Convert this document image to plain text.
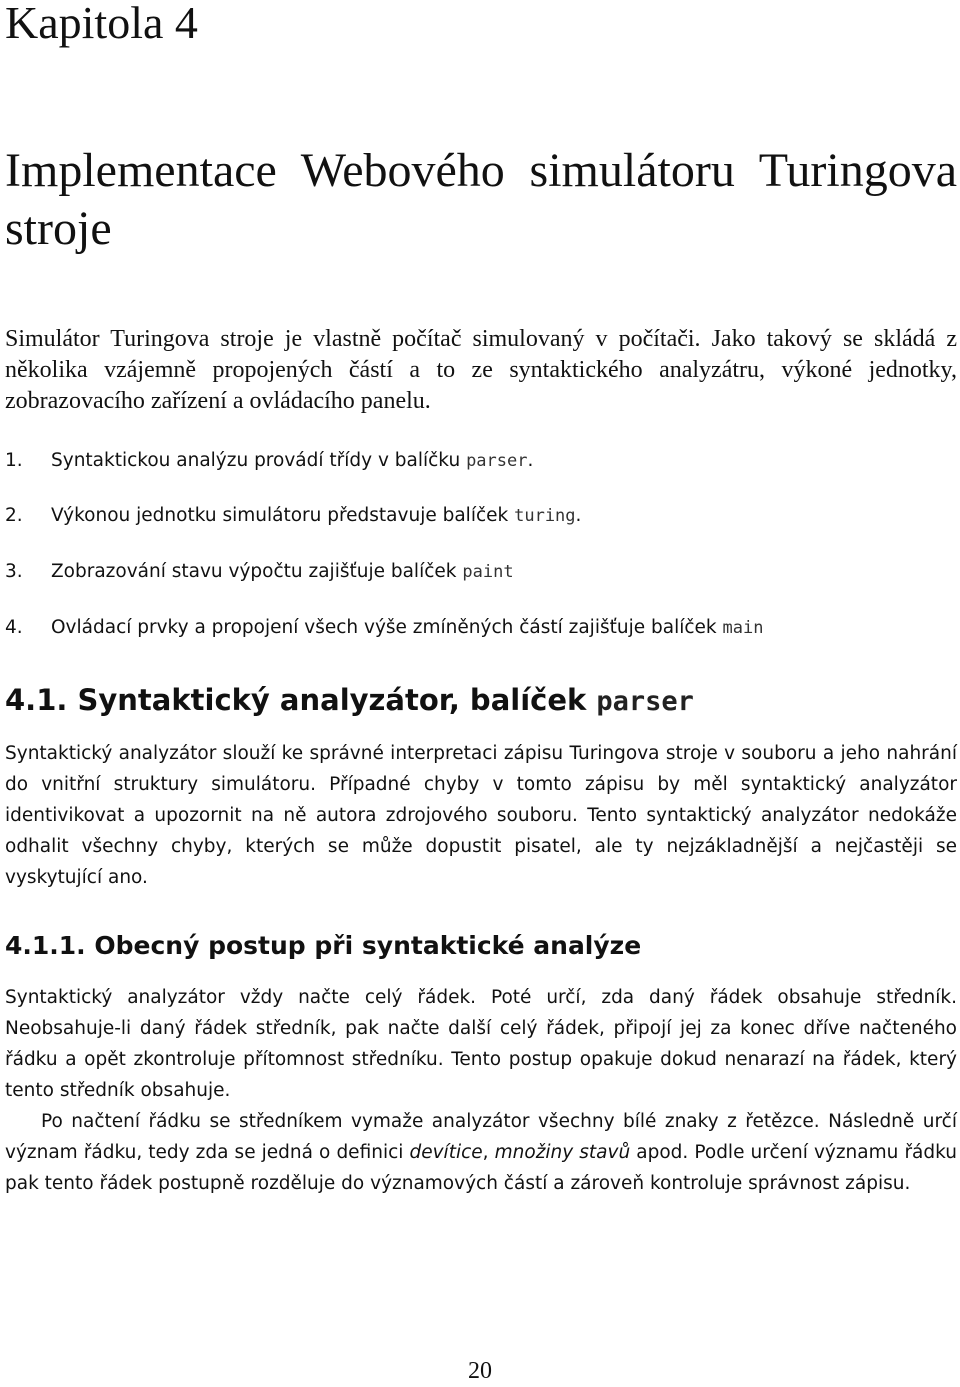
Kapitola 4
Implementace Webového simulátoru Turingova stroje
Simulátor Turingova stroje je vlastně počítač simulovaný v počítači. Jako takový se skládá z několika vzájemně propojených částí a to ze syntaktického analyzátru, výkoné jednotky, zobrazovacího zařízení a ovládacího panelu.
1. Syntaktickou analýzu provádí třídy v balíčku parser.
2. Výkonou jednotku simulátoru představuje balíček turing.
3. Zobrazování stavu výpočtu zajišťuje balíček paint
4. Ovládací prvky a propojení všech výše zmíněných částí zajišťuje balíček main
4.1. Syntaktický analyzátor, balíček parser
Syntaktický analyzátor slouží ke správné interpretaci zápisu Turingova stroje v souboru a jeho nahrání do vnitřní struktury simulátoru. Případné chyby v tomto zápisu by měl syntaktický analyzátor identivikovat a upozornit na ně autora zdrojového souboru. Tento syntaktický analyzátor nedokáže odhalit všechny chyby, kterých se může dopustit pisatel, ale ty nejzákladnější a nejčastěji se vyskytující ano.
4.1.1. Obecný postup při syntaktické analýze
Syntaktický analyzátor vždy načte celý řádek. Poté určí, zda daný řádek obsahuje středník. Neobsahuje-li daný řádek středník, pak načte další celý řádek, připojí jej za konec dříve načteného řádku a opět zkontroluje přítomnost středníku. Tento postup opakuje dokud nenarazí na řádek, který tento středník obsahuje.
Po načtení řádku se středníkem vymaže analyzátor všechny bílé znaky z řetězce. Následně určí význam řádku, tedy zda se jedná o definici devítice, množiny stavů apod. Podle určení významu řádku pak tento řádek postupně rozděluje do významových částí a zároveň kontroluje správnost zápisu.
20
